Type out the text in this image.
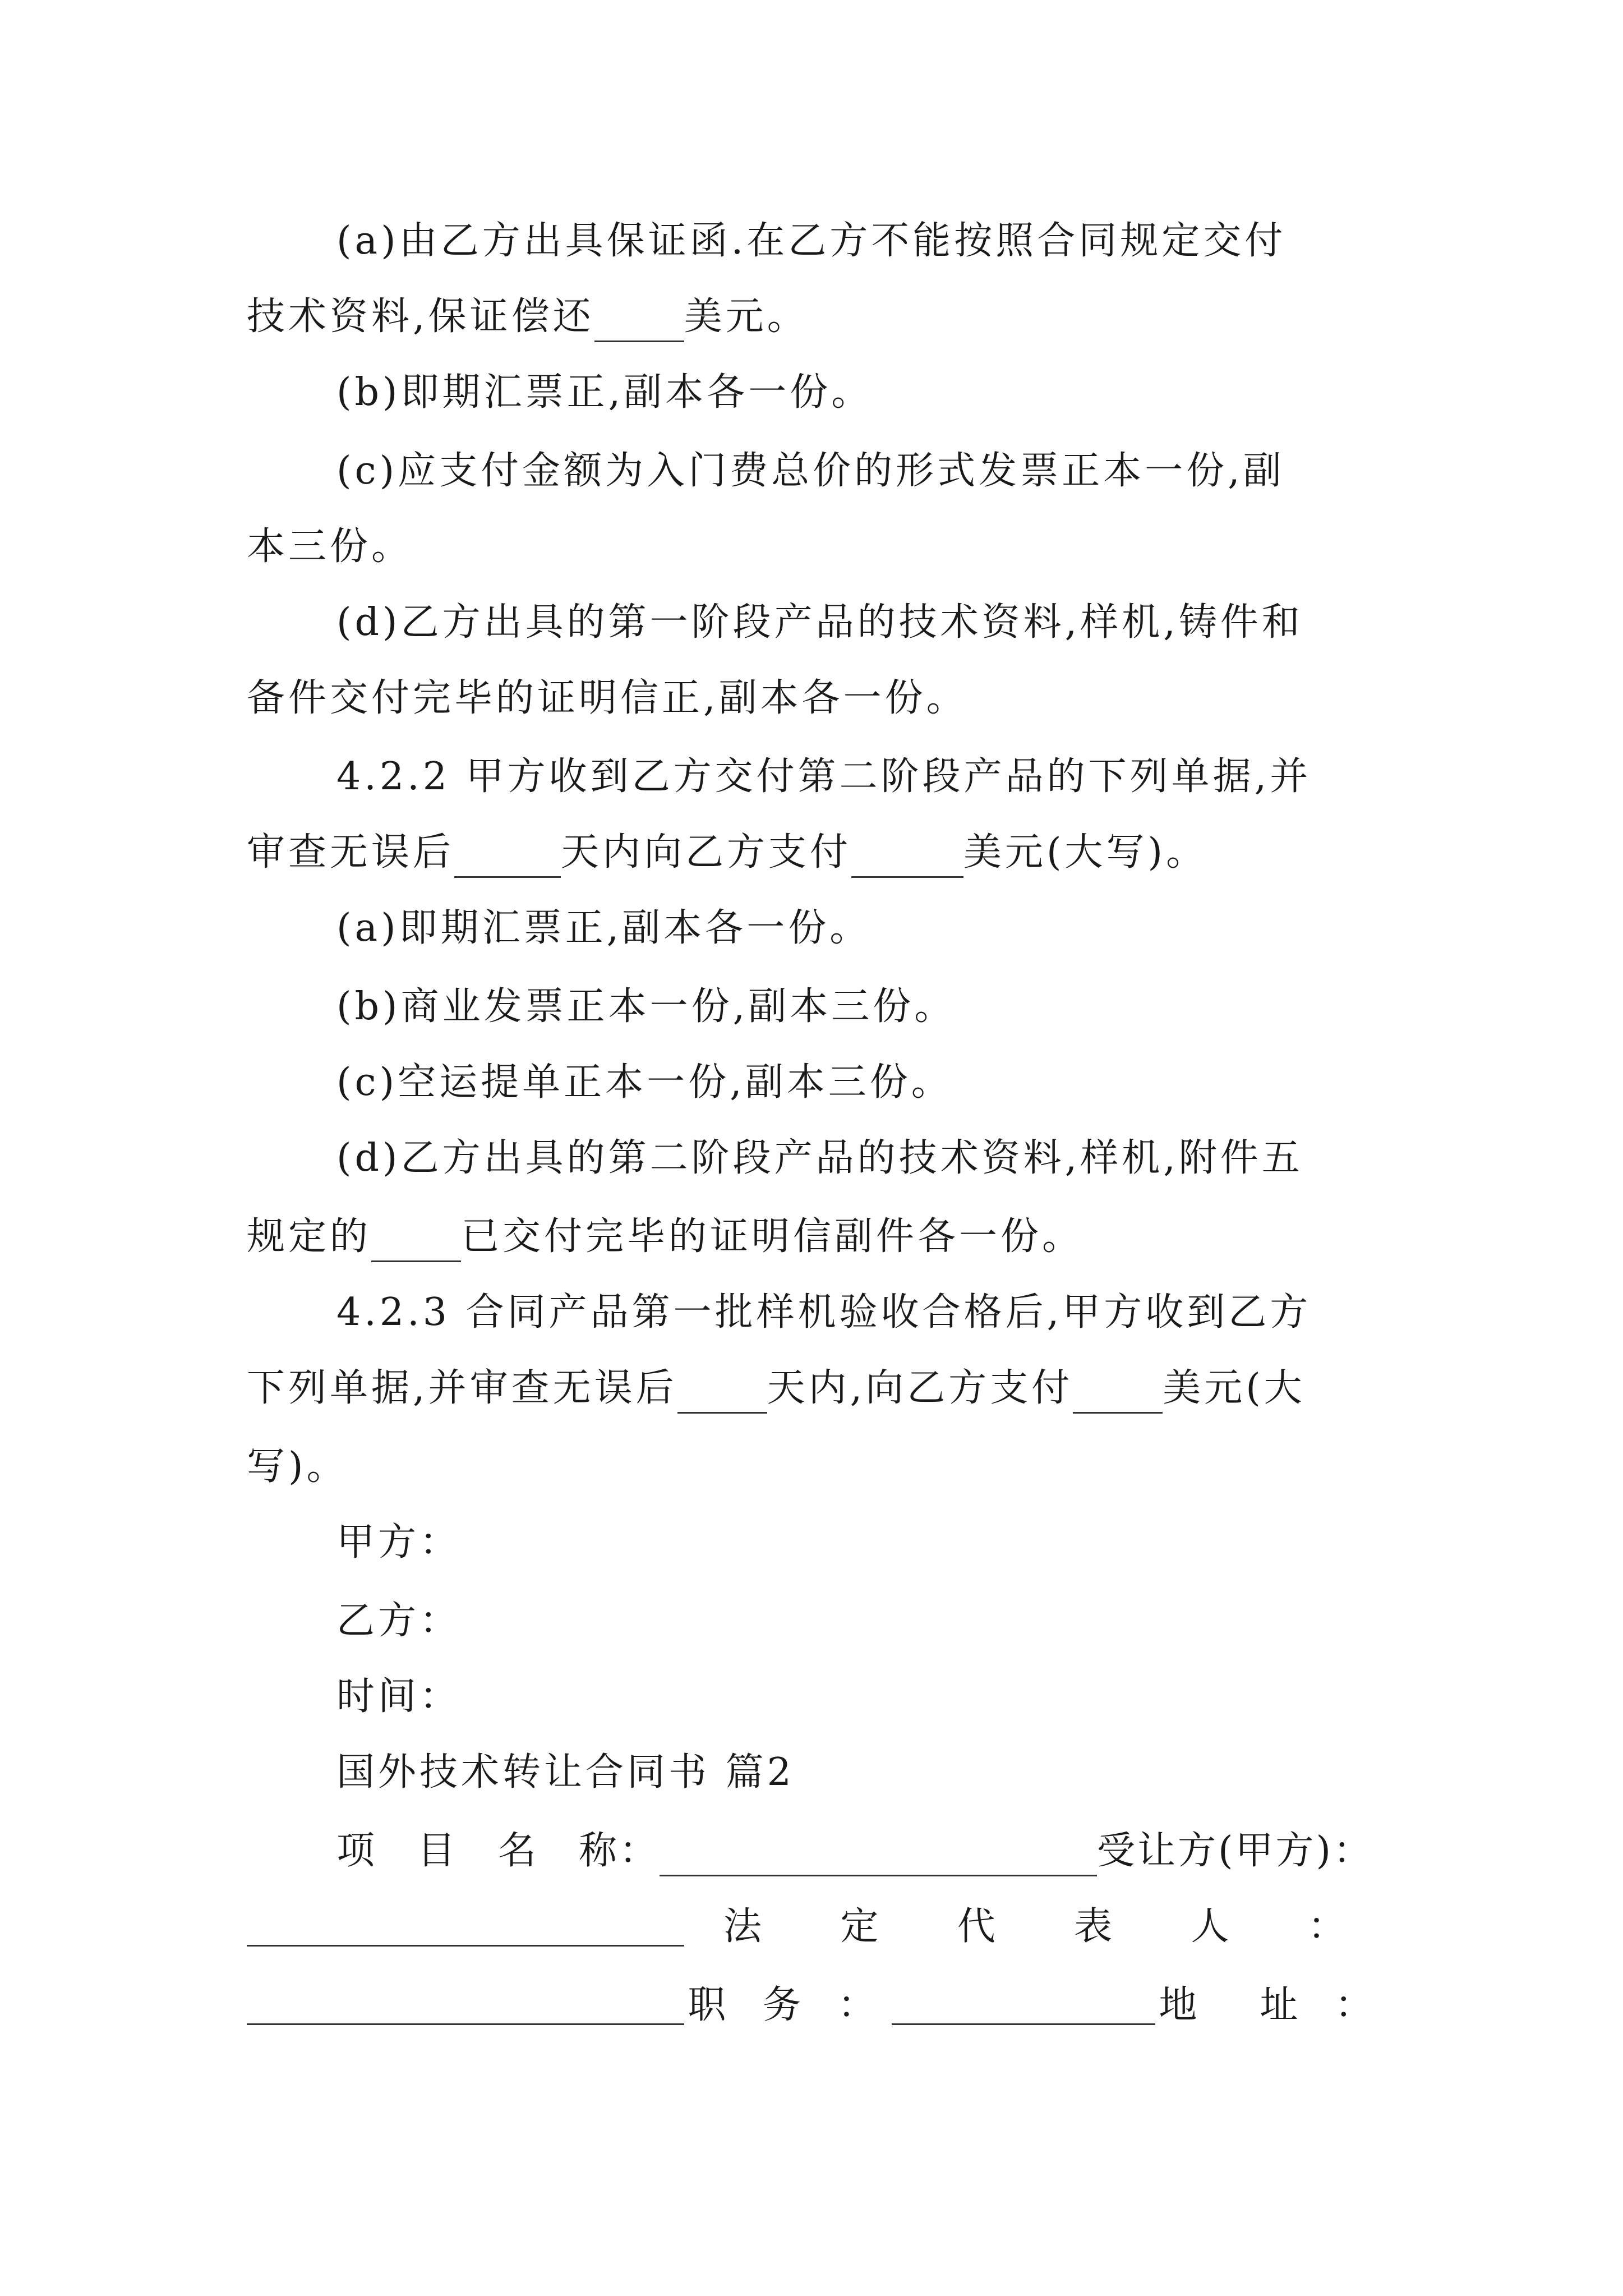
(a)由乙方出具保证函.在乙方不能按照合同规定交付
技术资料,保证偿还 美元。
(b)即期汇票正,副本各一份。
(c)应支付金额为入门费总价的形式发票正本一份,副
本三份。
(d)乙方出具的第一阶段产品的技术资料,样机,铸件和
备件交付完毕的证明信正,副本各一份。
4.2.2 甲方收到乙方交付第二阶段产品的下列单据,并
审查无误后	天内向乙方支付	美元(大写)。
(a)即期汇票正,副本各一份。
(b)商业发票正本一份,副本三份。
(c)空运提单正本一份,副本三份。
(d)乙方出具的第二阶段产品的技术资料,样机,附件五
规定的 已交付完毕的证明信副件各一份。
4.2.3 合同产品第一批样机验收合格后,甲方收到乙方
下列单据,并审查无误后 天内,向乙方支付 美元(大
写)。
甲方：
乙方：
时间：
国外技术转让合同书 篇2
项　目　名　称：	受让方(甲方)：
法	定	代	表	人	：
职 务 ：	地　址 ：
